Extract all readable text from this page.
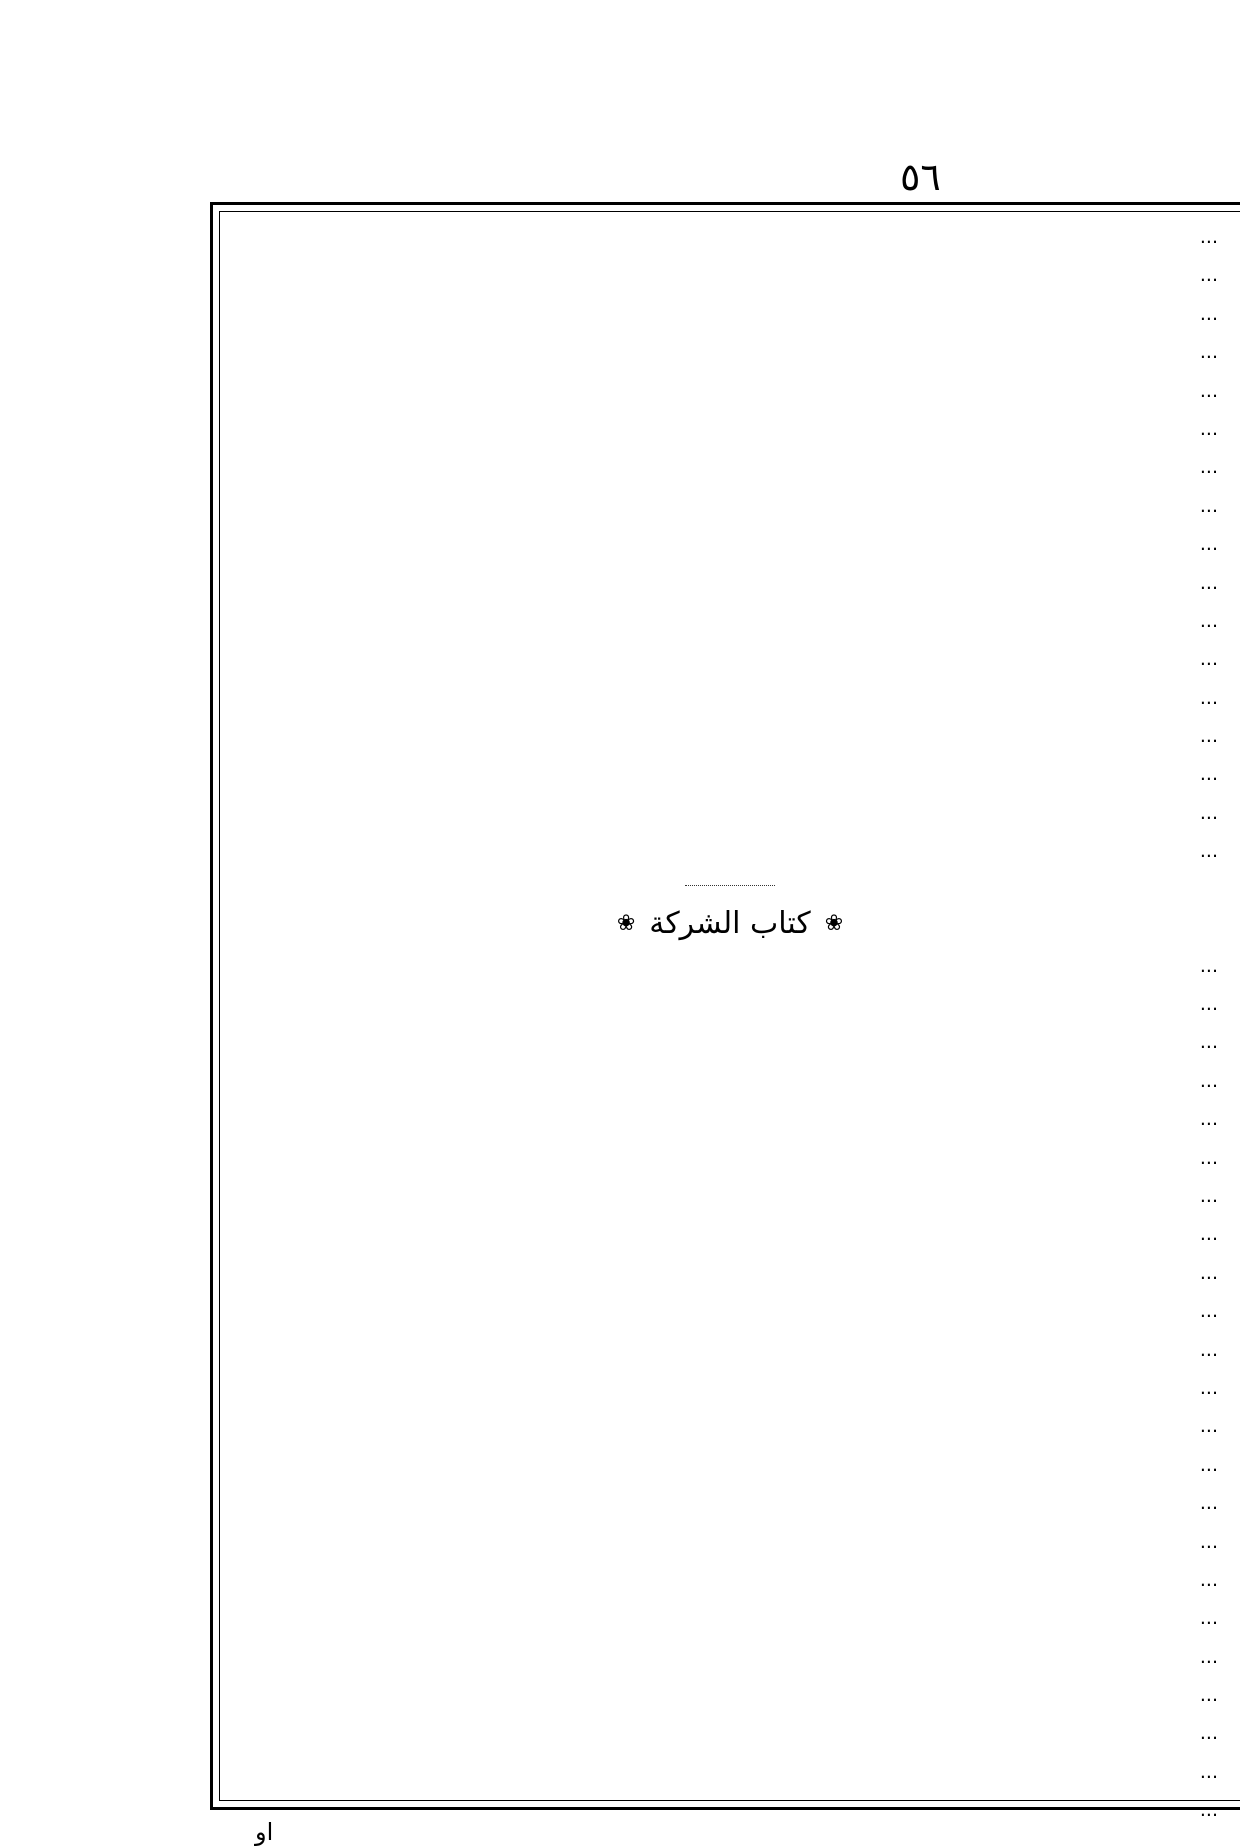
٥٦
...
...
...
...
...
...
...
...
...
...
...
...
...
...
...
...
...
❀
كتاب الشركة
❀
...
...
...
...
...
...
...
...
...
...
...
...
...
...
...
...
...
...
...
...
...
...
...
او
